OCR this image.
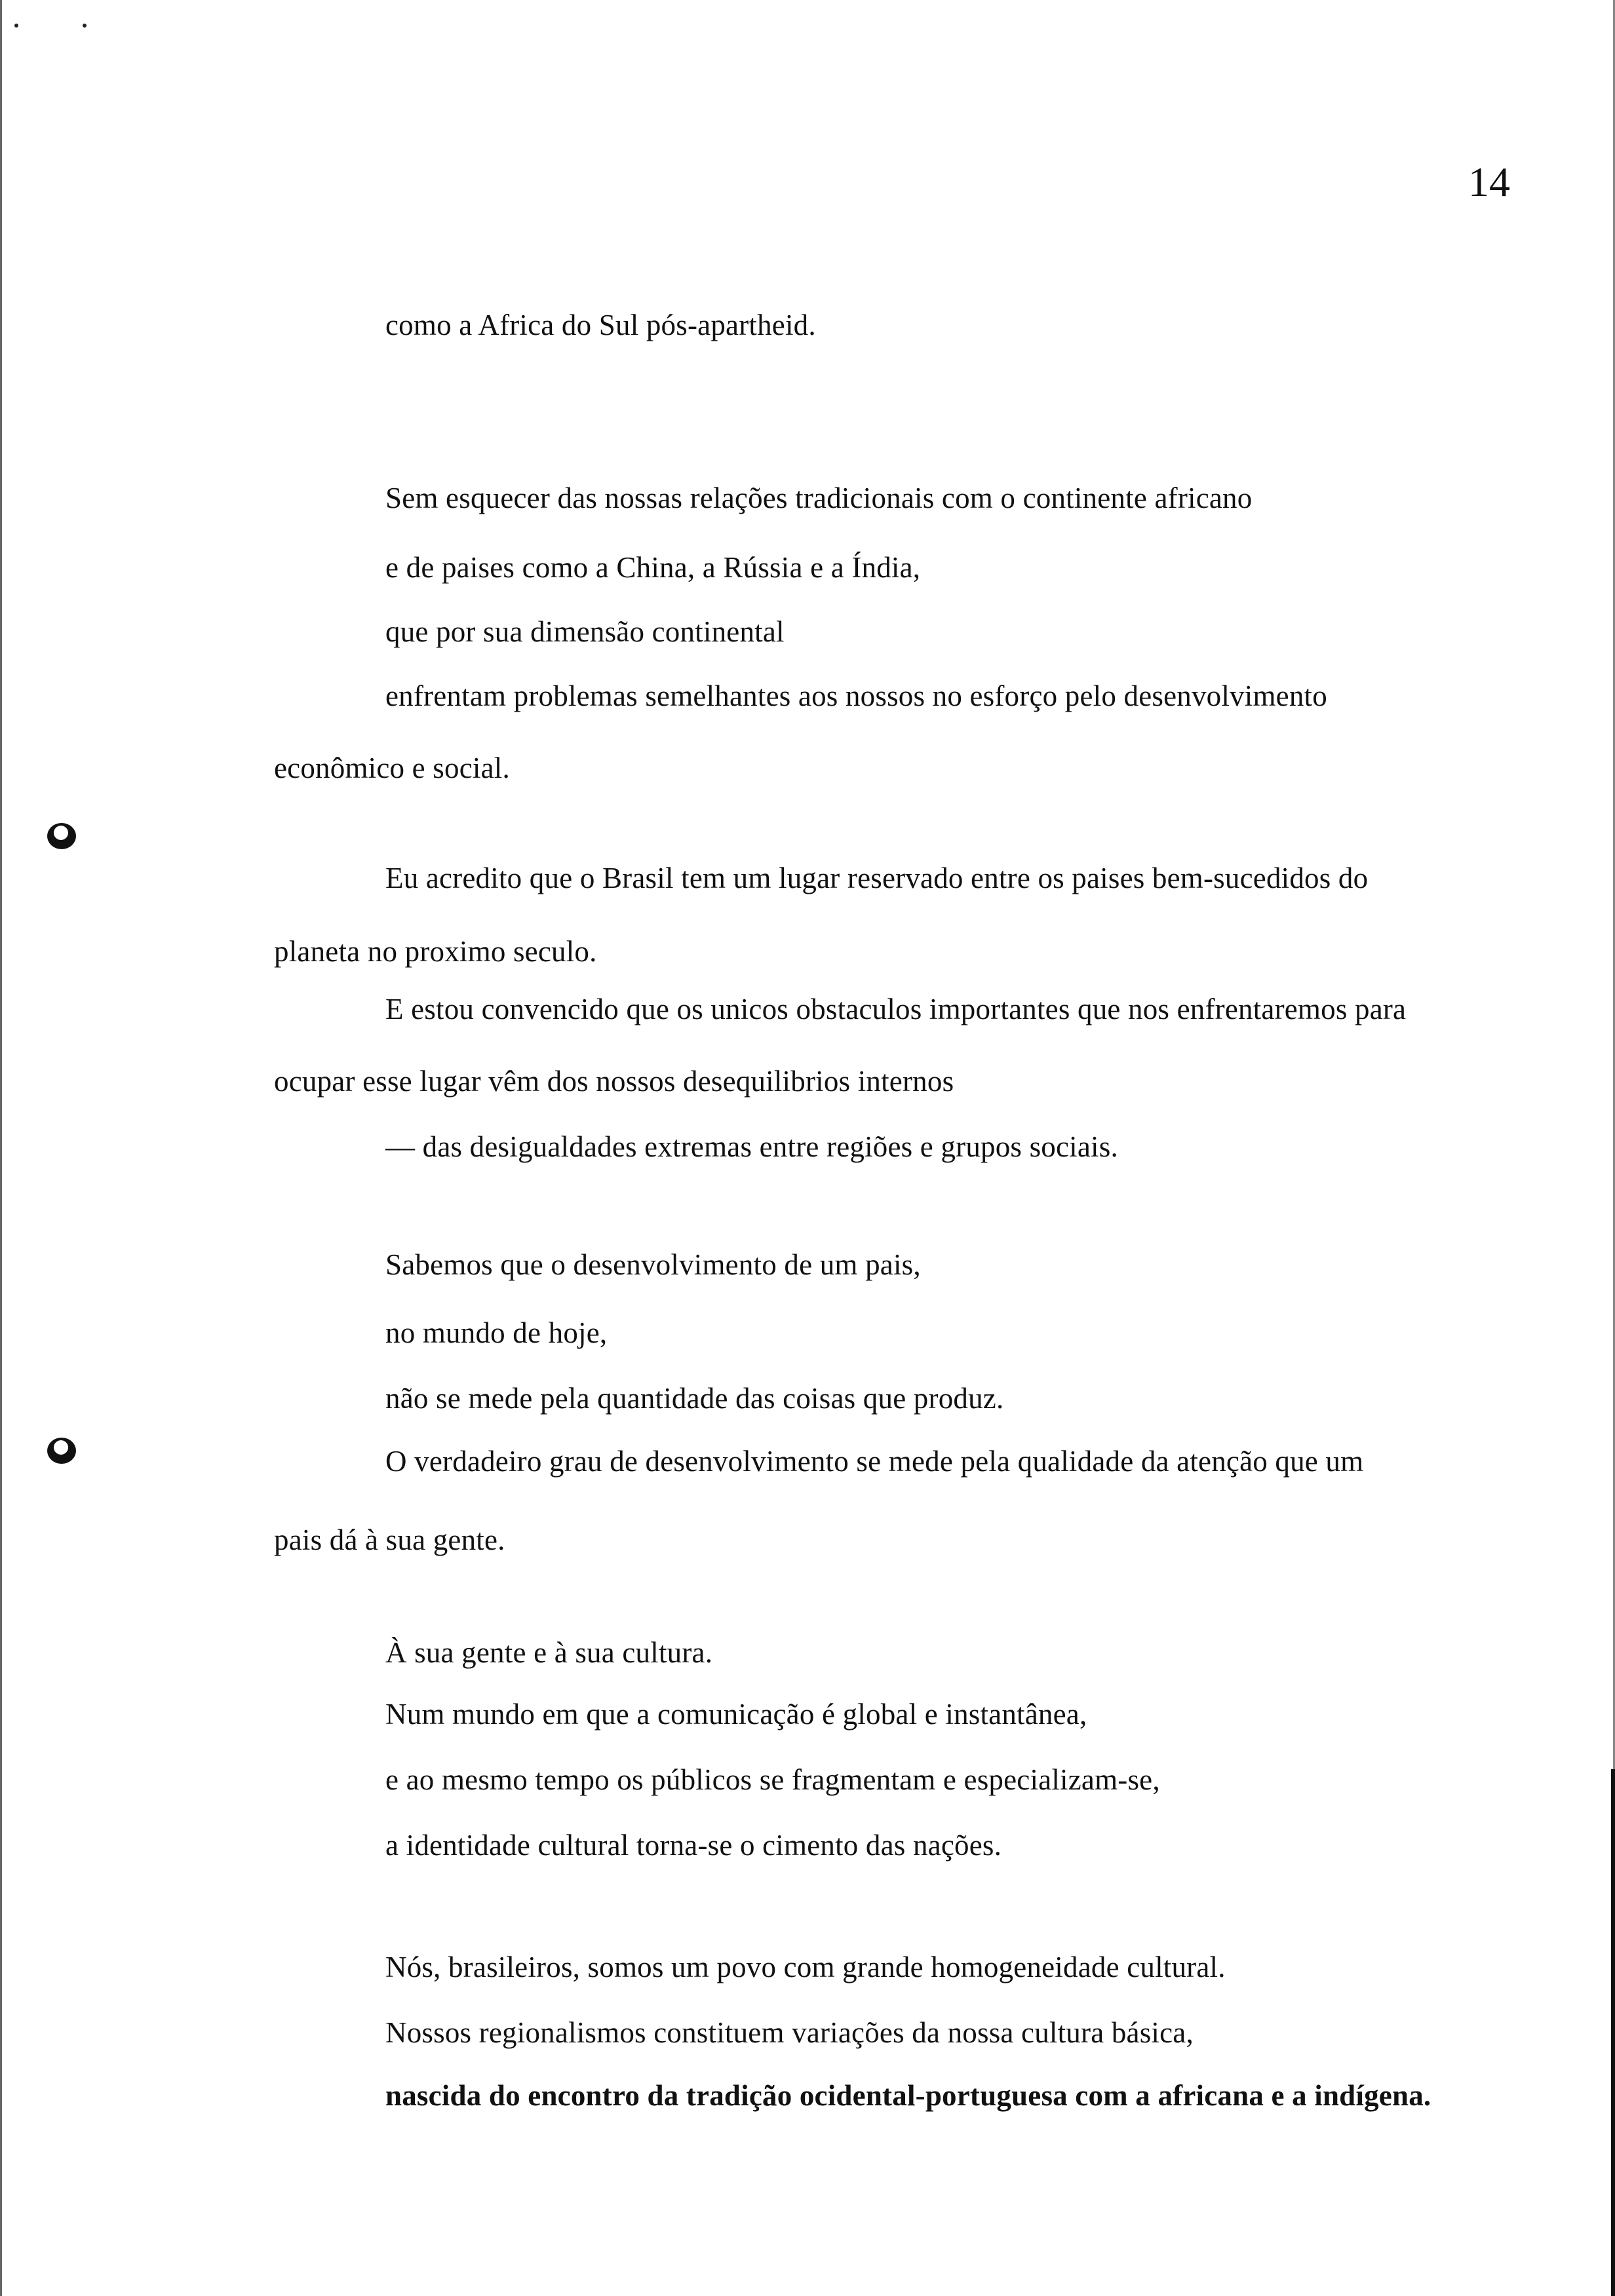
14
como a Africa do Sul pós-apartheid.
Sem esquecer das nossas relações tradicionais com o continente africano
e de paises como a China, a Rússia e a Índia,
que por sua dimensão continental
enfrentam problemas semelhantes aos nossos no esforço pelo desenvolvimento
econômico e social.
Eu acredito que o Brasil tem um lugar reservado entre os paises bem-sucedidos do
planeta no proximo seculo.
E estou convencido que os unicos obstaculos importantes que nos enfrentaremos para
ocupar esse lugar vêm dos nossos desequilibrios internos
— das desigualdades extremas entre regiões e grupos sociais.
Sabemos que o desenvolvimento de um pais,
no mundo de hoje,
não se mede pela quantidade das coisas que produz.
O verdadeiro grau de desenvolvimento se mede pela qualidade da atenção que um
pais dá à sua gente.
À sua gente e à sua cultura.
Num mundo em que a comunicação é global e instantânea,
e ao mesmo tempo os públicos se fragmentam e especializam-se,
a identidade cultural torna-se o cimento das nações.
Nós, brasileiros, somos um povo com grande homogeneidade cultural.
Nossos regionalismos constituem variações da nossa cultura básica,
nascida do encontro da tradição ocidental-portuguesa com a africana e a indígena.
